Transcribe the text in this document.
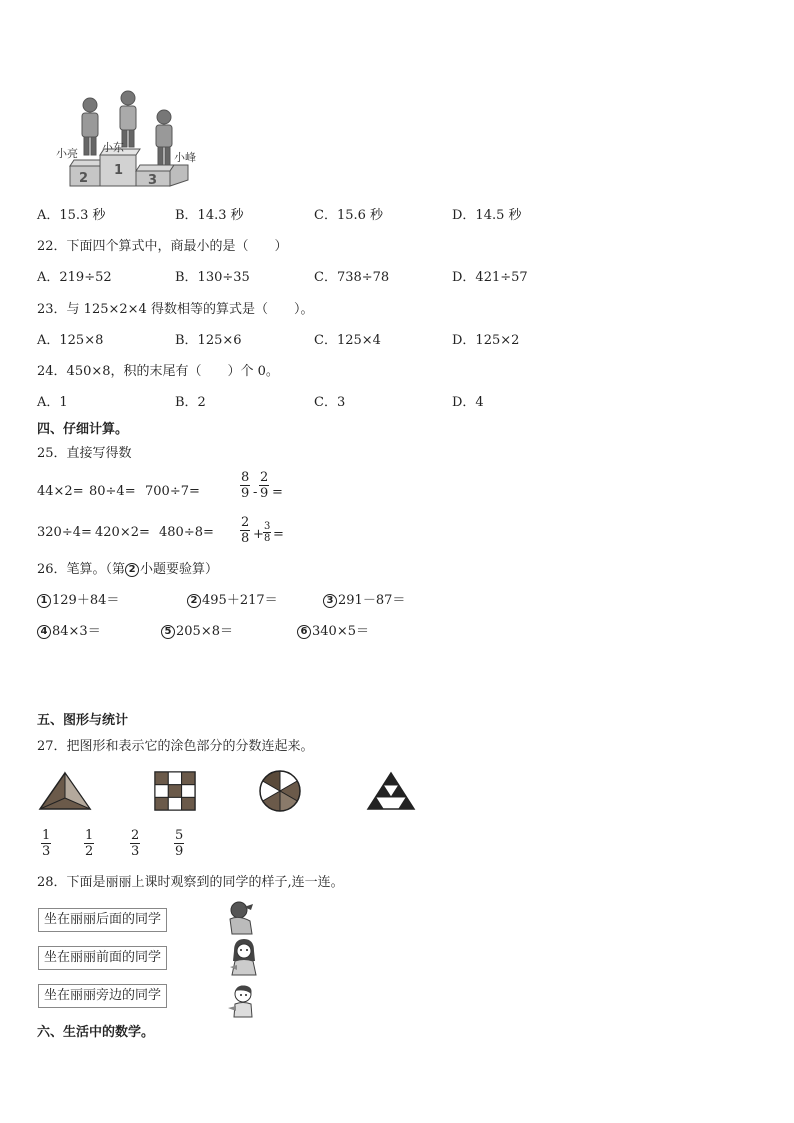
2
1
3
小亮 小东
小峰
A．15.3 秒	B．14.3 秒	C．15.6 秒	D．14.5 秒
22．下面四个算式中，商最小的是（　　）
A．219÷52	B．130÷35	C．738÷78	D．421÷57
23．与 125×2×4 得数相等的算式是（　　）。
A．125×8	B．125×6	C．125×4	D．125×2
24．450×8，积的末尾有（　　）个 0。
A．1	B．2	C．3	D．4
四、仔细计算。
25．直接写得数
44×2= 80÷4= 700÷7=
320÷4= 420×2= 480÷8=
$\frac{8}{9} - \frac{2}{9}$ =
$\frac{2}{8} + \frac{3}{8}$ =
26．笔算。（第 2 小题要验算）
1 129＋84＝	2 495＋217＝	3 291－87＝
4 84×3＝	5 205×8＝	6 340×5＝
五、图形与统计
27．把图形和表示它的涂色部分的分数连起来。
$\frac{1}{3}$	$\frac{1}{2}$	$\frac{2}{3}$	$\frac{5}{9}$
28．下面是丽丽上课时观察到的同学的样子,连一连。
坐在丽丽后面的同学
坐在丽丽前面的同学
坐在丽丽旁边的同学
六、生活中的数学。
